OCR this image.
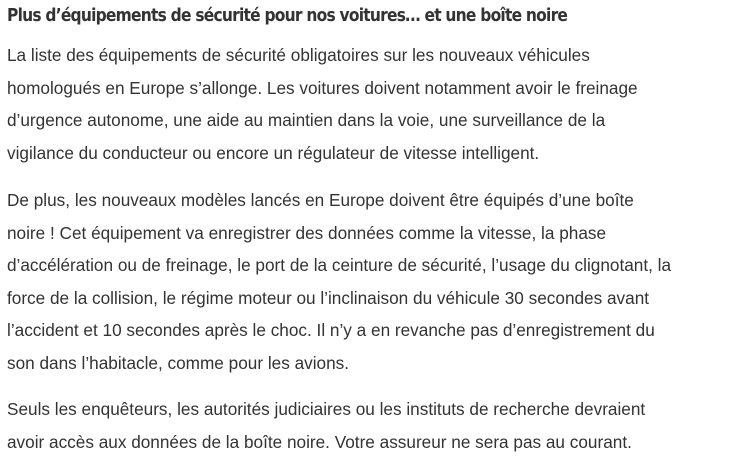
Plus d’équipements de sécurité pour nos voitures… et une boîte noire

La liste des équipements de sécurité obligatoires sur les nouveaux véhicules
homologués en Europe s’allonge. Les voitures doivent notamment avoir le freinage
d’urgence autonome, une aide au maintien dans la voie, une surveillance de la
vigilance du conducteur ou encore un régulateur de vitesse intelligent.

De plus, les nouveaux modèles lancés en Europe doivent être équipés d’une boîte
noire ! Cet équipement va enregistrer des données comme la vitesse, la phase
d’accélération ou de freinage, le port de la ceinture de sécurité, l’usage du clignotant, la
force de la collision, le régime moteur ou l’inclinaison du véhicule 30 secondes avant
l’accident et 10 secondes après le choc. Il n’y a en revanche pas d’enregistrement du
son dans l’habitacle, comme pour les avions.

Seuls les enquêteurs, les autorités judiciaires ou les instituts de recherche devraient
avoir accès aux données de la boîte noire. Votre assureur ne sera pas au courant.
